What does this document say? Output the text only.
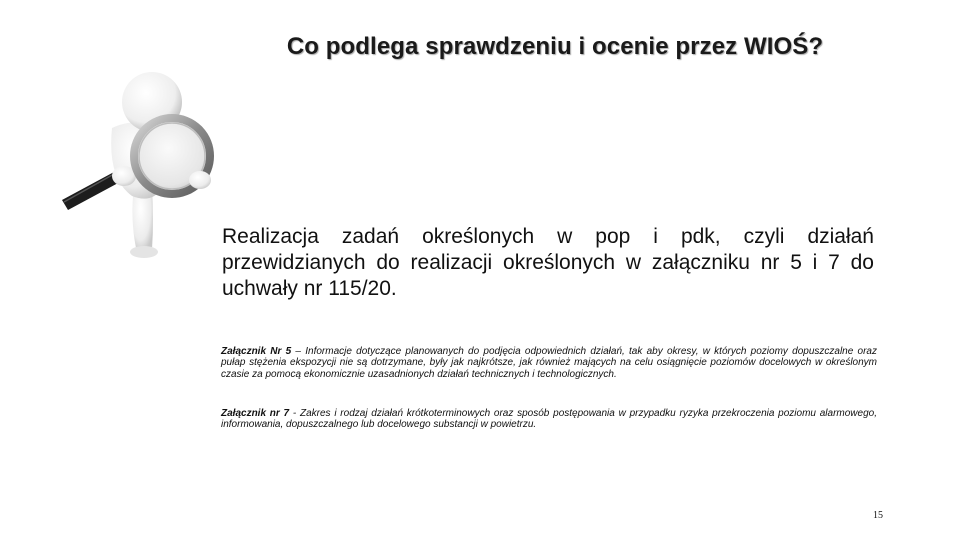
Co podlega sprawdzeniu i ocenie przez WIOŚ?
Realizacja zadań określonych w pop i pdk, czyli działań przewidzianych do realizacji określonych w załączniku nr 5 i 7 do uchwały nr 115/20.
Załącznik Nr 5 – Informacje dotyczące planowanych do podjęcia odpowiednich działań, tak aby okresy, w których poziomy dopuszczalne oraz pułap stężenia ekspozycji nie są dotrzymane, były jak najkrótsze, jak również mających na celu osiągnięcie poziomów docelowych w określonym czasie za pomocą ekonomicznie uzasadnionych działań technicznych i technologicznych.
Załącznik nr 7 - Zakres i rodzaj działań krótkoterminowych oraz sposób postępowania w przypadku ryzyka przekroczenia poziomu alarmowego, informowania, dopuszczalnego lub docelowego substancji w powietrzu.
15
